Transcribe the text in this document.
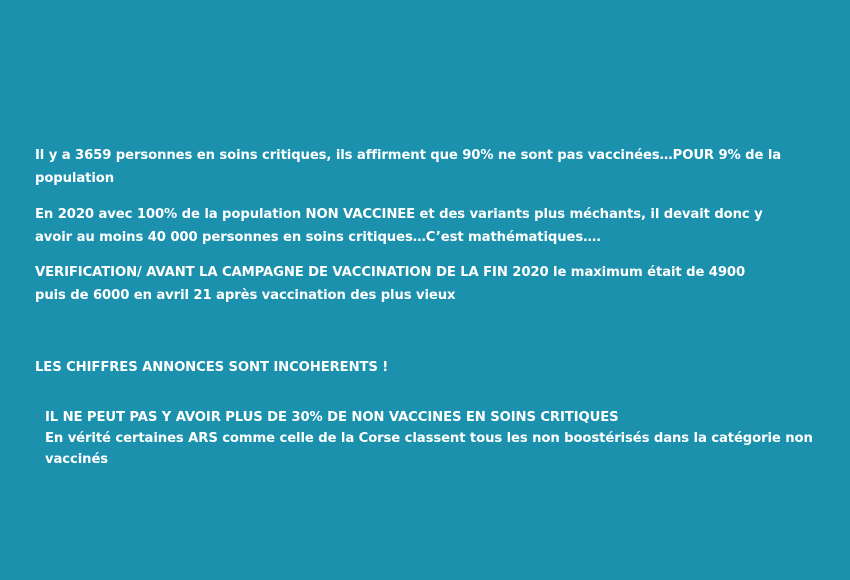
Il y a 3659 personnes en soins critiques, ils affirment que 90% ne sont pas vaccinées…POUR 9% de la
population

En 2020 avec 100% de la population NON VACCINEE et des variants plus méchants, il devait donc y
avoir au moins 40 000 personnes en soins critiques…C’est mathématiques….

VERIFICATION/ AVANT LA CAMPAGNE DE VACCINATION DE LA FIN 2020 le maximum était de 4900
puis de 6000 en avril 21 après vaccination des plus vieux

LES CHIFFRES ANNONCES SONT INCOHERENTS !

IL NE PEUT PAS Y AVOIR PLUS DE 30% DE NON VACCINES EN SOINS CRITIQUES
En vérité certaines ARS comme celle de la Corse classent tous les non boostérisés dans la catégorie non
vaccinés
